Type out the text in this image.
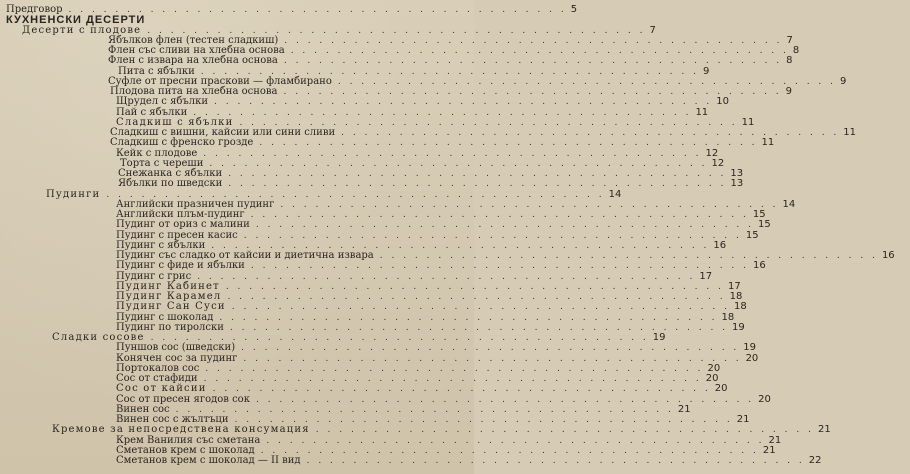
Предговор . . . . . . . . . . . . . . . . . . . . . . . . . . . . . . . . . . . . . . . . . . . 5
КУХНЕНСКИ ДЕСЕРТИ
Десерти с плодове . . . . . . . . . . . . . . . . . . . . . . . . . . . . . . . . . . . . . . . . . . . 7
Ябълков флен (тестен сладкиш) . . . . . . . . . . . . . . . . . . . . . . . . . . . . . . . . . . . . . . . . . . . 7
Флен със сливи на хлебна основа . . . . . . . . . . . . . . . . . . . . . . . . . . . . . . . . . . . . . . . . . . . 8
Флен с извара на хлебна основа . . . . . . . . . . . . . . . . . . . . . . . . . . . . . . . . . . . . . . . . . . . 8
Пита с ябълки . . . . . . . . . . . . . . . . . . . . . . . . . . . . . . . . . . . . . . . . . . . 9
Суфле от пресни праскови — фламбирано . . . . . . . . . . . . . . . . . . . . . . . . . . . . . . . . . . . . . . . . . . . 9
Плодова пита на хлебна основа . . . . . . . . . . . . . . . . . . . . . . . . . . . . . . . . . . . . . . . . . . . 9
Щрудел с ябълки . . . . . . . . . . . . . . . . . . . . . . . . . . . . . . . . . . . . . . . . . . . 10
Пай с ябълки . . . . . . . . . . . . . . . . . . . . . . . . . . . . . . . . . . . . . . . . . . . 11
Сладкиш с ябълки . . . . . . . . . . . . . . . . . . . . . . . . . . . . . . . . . . . . . . . . . . . 11
Сладкиш с вишни, кайсии или сини сливи . . . . . . . . . . . . . . . . . . . . . . . . . . . . . . . . . . . . . . . . . . . 11
Сладкиш с френско грозде . . . . . . . . . . . . . . . . . . . . . . . . . . . . . . . . . . . . . . . . . . . 11
Кейк с плодове . . . . . . . . . . . . . . . . . . . . . . . . . . . . . . . . . . . . . . . . . . . 12
Торта с череши . . . . . . . . . . . . . . . . . . . . . . . . . . . . . . . . . . . . . . . . . . . 12
Снежанка с ябълки . . . . . . . . . . . . . . . . . . . . . . . . . . . . . . . . . . . . . . . . . . . 13
Ябълки по шведски . . . . . . . . . . . . . . . . . . . . . . . . . . . . . . . . . . . . . . . . . . . 13
Пудинги . . . . . . . . . . . . . . . . . . . . . . . . . . . . . . . . . . . . . . . . . . . 14
Английски празничен пудинг . . . . . . . . . . . . . . . . . . . . . . . . . . . . . . . . . . . . . . . . . . . 14
Английски плъм-пудинг . . . . . . . . . . . . . . . . . . . . . . . . . . . . . . . . . . . . . . . . . . . 15
Пудинг от ориз с малини . . . . . . . . . . . . . . . . . . . . . . . . . . . . . . . . . . . . . . . . . . . 15
Пудинг с пресен касис . . . . . . . . . . . . . . . . . . . . . . . . . . . . . . . . . . . . . . . . . . . 15
Пудинг с ябълки . . . . . . . . . . . . . . . . . . . . . . . . . . . . . . . . . . . . . . . . . . . 16
Пудинг със сладко от кайсии и диетична извара . . . . . . . . . . . . . . . . . . . . . . . . . . . . . . . . . . . . . . . . . . . 16
Пудинг с фиде и ябълки . . . . . . . . . . . . . . . . . . . . . . . . . . . . . . . . . . . . . . . . . . . 16
Пудинг с грис . . . . . . . . . . . . . . . . . . . . . . . . . . . . . . . . . . . . . . . . . . . 17
Пудинг Кабинет . . . . . . . . . . . . . . . . . . . . . . . . . . . . . . . . . . . . . . . . . . . 17
Пудинг Карамел . . . . . . . . . . . . . . . . . . . . . . . . . . . . . . . . . . . . . . . . . . . 18
Пудинг Сан Суси . . . . . . . . . . . . . . . . . . . . . . . . . . . . . . . . . . . . . . . . . . . 18
Пудинг с шоколад . . . . . . . . . . . . . . . . . . . . . . . . . . . . . . . . . . . . . . . . . . . 18
Пудинг по тиролски . . . . . . . . . . . . . . . . . . . . . . . . . . . . . . . . . . . . . . . . . . . 19
Сладки сосове . . . . . . . . . . . . . . . . . . . . . . . . . . . . . . . . . . . . . . . . . . . 19
Пуншов сос (шведски) . . . . . . . . . . . . . . . . . . . . . . . . . . . . . . . . . . . . . . . . . . . 19
Коняч‍ен сос за пудинг . . . . . . . . . . . . . . . . . . . . . . . . . . . . . . . . . . . . . . . . . . . 20
Портокалов сос . . . . . . . . . . . . . . . . . . . . . . . . . . . . . . . . . . . . . . . . . . . 20
Сос от стафиди . . . . . . . . . . . . . . . . . . . . . . . . . . . . . . . . . . . . . . . . . . . 20
Сос от кайсии . . . . . . . . . . . . . . . . . . . . . . . . . . . . . . . . . . . . . . . . . . . 20
Сос от пресен ягодов сок . . . . . . . . . . . . . . . . . . . . . . . . . . . . . . . . . . . . . . . . . . . 20
Винен сос . . . . . . . . . . . . . . . . . . . . . . . . . . . . . . . . . . . . . . . . . . . 21
Винен сос с жълтъци . . . . . . . . . . . . . . . . . . . . . . . . . . . . . . . . . . . . . . . . . . . 21
Кремове за непосредствена консумация . . . . . . . . . . . . . . . . . . . . . . . . . . . . . . . . . . . . . . . . . . . 21
Крем Ванилия със сметана . . . . . . . . . . . . . . . . . . . . . . . . . . . . . . . . . . . . . . . . . . . 21
Сметанов крем с шоколад . . . . . . . . . . . . . . . . . . . . . . . . . . . . . . . . . . . . . . . . . . . 21
Сметанов крем с шоколад — II вид . . . . . . . . . . . . . . . . . . . . . . . . . . . . . . . . . . . . . . . . . . . 22
